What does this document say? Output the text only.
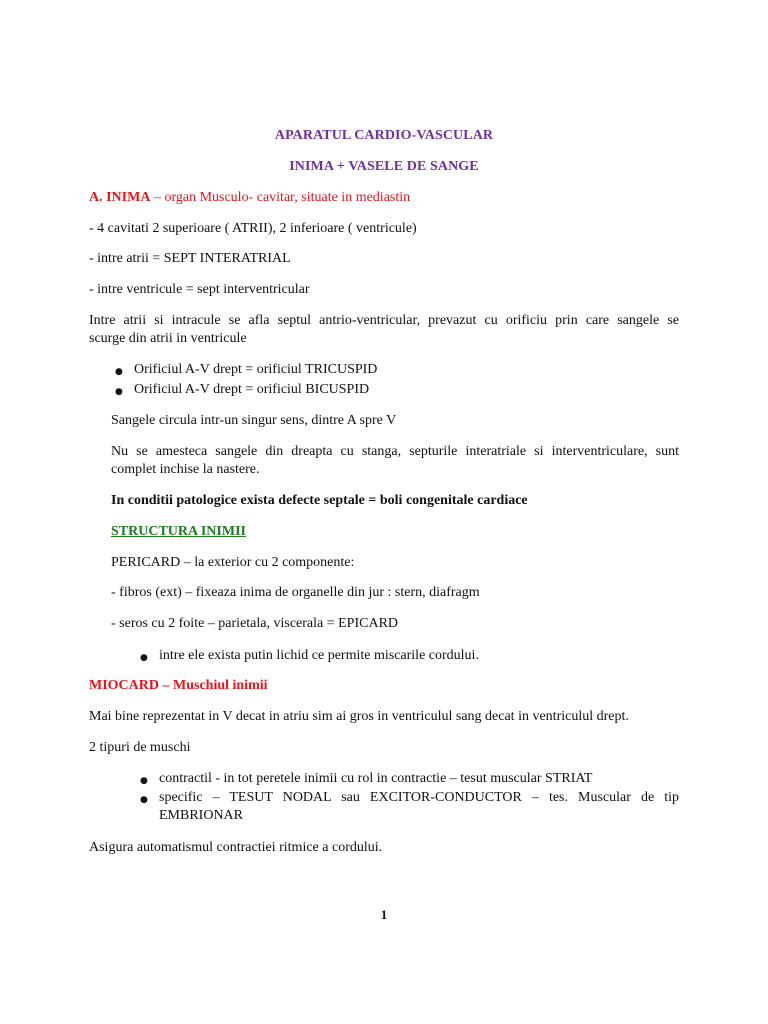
APARATUL CARDIO-VASCULAR

INIMA + VASELE DE SANGE

A. INIMA – organ Musculo- cavitar, situate in mediastin

- 4 cavitati 2 superioare ( ATRII), 2 inferioare ( ventricule)

- intre atrii = SEPT INTERATRIAL

- intre ventricule = sept interventricular

Intre atrii si intracule se afla septul antrio-ventricular, prevazut cu orificiu prin care sangele se

scurge din atrii in ventricule

● Orificiul A-V drept = orificiul TRICUSPID

● Orificiul A-V drept = orificiul BICUSPID

Sangele circula intr-un singur sens, dintre A spre V

Nu se amesteca sangele din dreapta cu stanga, septurile interatriale si interventriculare, sunt

complet inchise la nastere.

In conditii patologice exista defecte septale = boli congenitale cardiace

STRUCTURA INIMII

PERICARD – la exterior cu 2 componente:

- fibros (ext) – fixeaza inima de organelle din jur : stern, diafragm

- seros cu 2 foite – parietala, viscerala = EPICARD

● intre ele exista putin lichid ce permite miscarile cordului.

MIOCARD – Muschiul inimii

Mai bine reprezentat in V decat in atriu sim ai gros in ventriculul sang decat in ventriculul drept.

2 tipuri de muschi

● contractil - in tot peretele inimii cu rol in contractie – tesut muscular STRIAT

● specific – TESUT NODAL sau EXCITOR-CONDUCTOR – tes. Muscular de tip

EMBRIONAR

Asigura automatismul contractiei ritmice a cordului.

1
